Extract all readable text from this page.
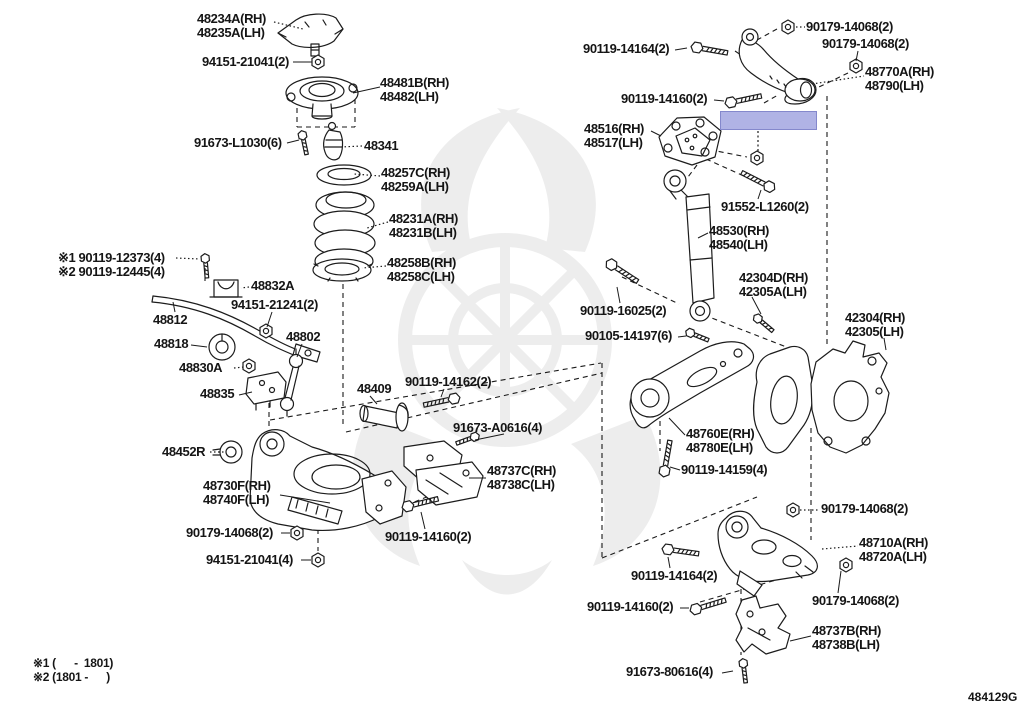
48234A(RH)
48235A(LH)
94151-21041(2)
48481B(RH)
48482(LH)
91673-L1030(6)	48341
48257C(RH)
48259A(LH)
48231A(RH)
48231B(LH)
48258B(RH)
48258C(LH)
※1 90119-12373(4)
※2 90119-12445(4)
48832A
94151-21241(2)
48812
48818	48802
48830A
48835	48409 90119-14162(2)
91673-A0616(4)
48452R
48730F(RH)
48740F(LH)
90179-14068(2)
94151-21041(4)
90119-14160(2)
48737C(RH)
48738C(LH)
90179-14068(2)
90119-14164(2)	90179-14068(2)
48770A(RH)
48790(LH)
90119-14160(2)
48516(RH)
48517(LH)
91552-L1260(2)
48530(RH)
48540(LH)
42304D(RH)
42305A(LH)
90119-16025(2)
90105-14197(6)
42304(RH)
42305(LH)
48760E(RH)
48780E(LH)
90119-14159(4)
90179-14068(2)
48710A(RH)
48720A(LH)
90119-14164(2)
90179-14068(2)
90119-14160(2)
48737B(RH)
48738B(LH)
91673-80616(4)
※1 (      -  1801)
※2 (1801 -      )
484129G
